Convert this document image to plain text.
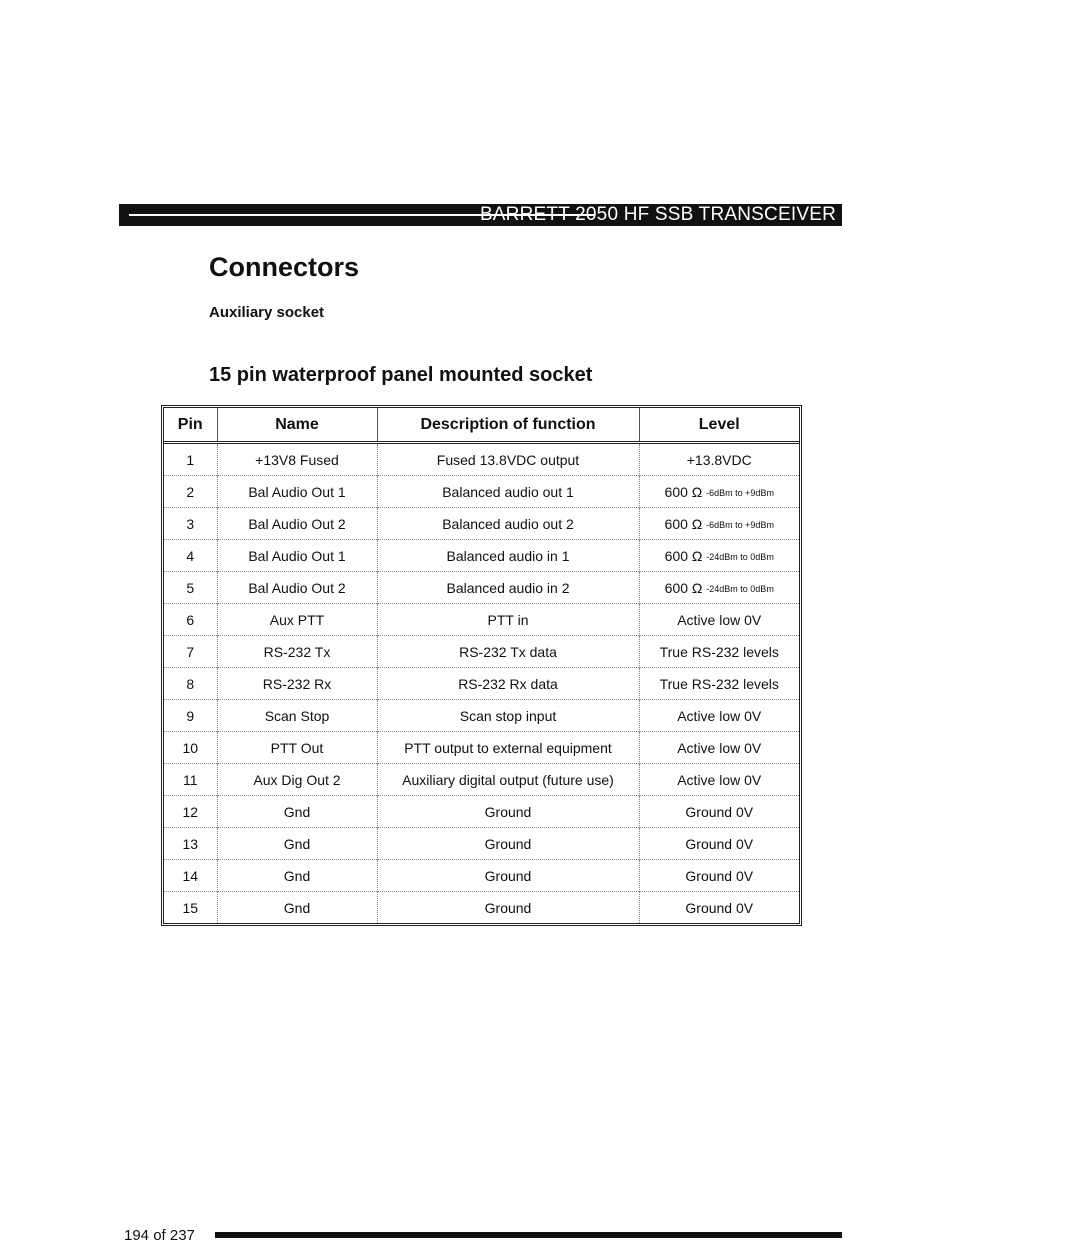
BARRETT 2050 HF SSB TRANSCEIVER
Connectors
Auxiliary socket
15 pin waterproof panel mounted socket
Pin	Name	Description of function	Level
1	+13V8 Fused	Fused 13.8VDC output	+13.8VDC
2	Bal Audio Out 1	Balanced audio out 1	600 Ω -6dBm to +9dBm
3	Bal Audio Out 2	Balanced audio out 2	600 Ω -6dBm to +9dBm
4	Bal Audio Out 1	Balanced audio in 1	600 Ω -24dBm to 0dBm
5	Bal Audio Out 2	Balanced audio in 2	600 Ω -24dBm to 0dBm
6	Aux PTT	PTT in	Active low 0V
7	RS-232 Tx	RS-232 Tx data	True RS-232 levels
8	RS-232 Rx	RS-232 Rx data	True RS-232 levels
9	Scan Stop	Scan stop input	Active low 0V
10	PTT Out	PTT output to external equipment	Active low 0V
11	Aux Dig Out 2	Auxiliary digital output (future use)	Active low 0V
12	Gnd	Ground	Ground 0V
13	Gnd	Ground	Ground 0V
14	Gnd	Ground	Ground 0V
15	Gnd	Ground	Ground 0V
194 of 237
